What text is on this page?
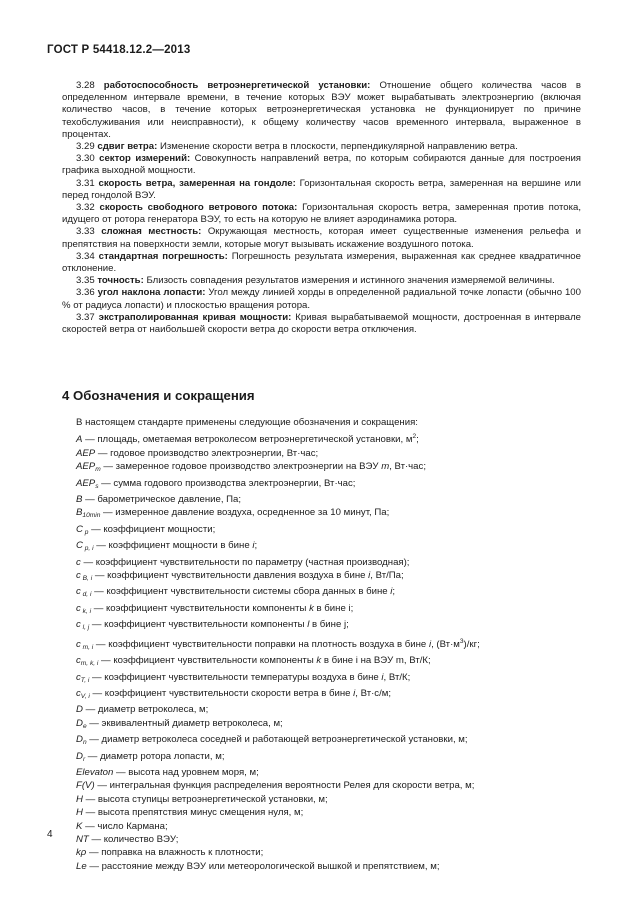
ГОСТ Р 54418.12.2—2013

3.28 работоспособность ветроэнергетической установки: Отношение общего количества часов в определенном интервале времени, в течение которых ВЭУ может вырабатывать электроэнергию (включая количество часов, в течение которых ветроэнергетическая установка не функционирует по причине техобслуживания или неисправности), к общему количеству часов временного интервала, выраженное в процентах.

3.29 сдвиг ветра: Изменение скорости ветра в плоскости, перпендикулярной направлению ветра.

3.30 сектор измерений: Совокупность направлений ветра, по которым собираются данные для построения графика выходной мощности.

3.31 скорость ветра, замеренная на гондоле: Горизонтальная скорость ветра, замеренная на вершине или перед гондолой ВЭУ.

3.32 скорость свободного ветрового потока: Горизонтальная скорость ветра, замеренная против потока, идущего от ротора генератора ВЭУ, то есть на которую не влияет аэродинамика ротора.

3.33 сложная местность: Окружающая местность, которая имеет существенные изменения рельефа и препятствия на поверхности земли, которые могут вызывать искажение воздушного потока.

3.34 стандартная погрешность: Погрешность результата измерения, выраженная как среднее квадратичное отклонение.

3.35 точность: Близость совпадения результатов измерения и истинного значения измеряемой величины.

3.36 угол наклона лопасти: Угол между линией хорды в определенной радиальной точке лопасти (обычно 100 % от радиуса лопасти) и плоскостью вращения ротора.

3.37 экстраполированная кривая мощности: Кривая вырабатываемой мощности, достроенная в интервале скоростей ветра от наибольшей скорости ветра до скорости ветра отключения.

4 Обозначения и сокращения

В настоящем стандарте применены следующие обозначения и сокращения:

A — площадь, ометаемая ветроколесом ветроэнергетической установки, $м^2$;

AEP — годовое производство электроэнергии, Вт·час;

$AEP_m$ — замеренное годовое производство электроэнергии на ВЭУ m, Вт·час;

$AEP_s$ — сумма годового производства электроэнергии, Вт·час;

B — барометрическое давление, Па;

$B_{10min}$ — измеренное давление воздуха, осредненное за 10 минут, Па;

C $_p$ — коэффициент мощности;

C $_{p, i}$ — коэффициент мощности в бине i;

c — коэффициент чувствительности по параметру (частная производная);

c $_{B, i}$ — коэффициент чувствительности давления воздуха в бине i, Вт/Па;

c $_{d, i}$ — коэффициент чувствительности системы сбора данных в бине i;

c $_{k, i}$ — коэффициент чувствительности компоненты k в бине i;

c $_{l, j}$ — коэффициент чувствительности компоненты l в бине j;

c $_{m, i}$ — коэффициент чувствительности поправки на плотность воздуха в бине i, $(Вт\cdot м^3)/кг$;

$c_{m, k, i}$ — коэффициент чувствительности компоненты k в бине i на ВЭУ m, Вт/К;

$c_{T, i}$ — коэффициент чувствительности температуры воздуха в бине i, Вт/К;

$c_{V, i}$ — коэффициент чувствительности скорости ветра в бине i, Вт·с/м;

D — диаметр ветроколеса, м;

$D_e$ — эквивалентный диаметр ветроколеса, м;

$D_n$ — диаметр ветроколеса соседней и работающей ветроэнергетической установки, м;

$D_r$ — диаметр ротора лопасти, м;

Elevaton — высота над уровнем моря, м;

F(V) — интегральная функция распределения вероятности Релея для скорости ветра, м;

H — высота ступицы ветроэнергетической установки, м;

H — высота препятствия минус смещения нуля, м;

K — число Кармана;

NT — количество ВЭУ;

kρ — поправка на влажность к плотности;

Le — расстояние между ВЭУ или метеорологической вышкой и препятствием, м;

4
